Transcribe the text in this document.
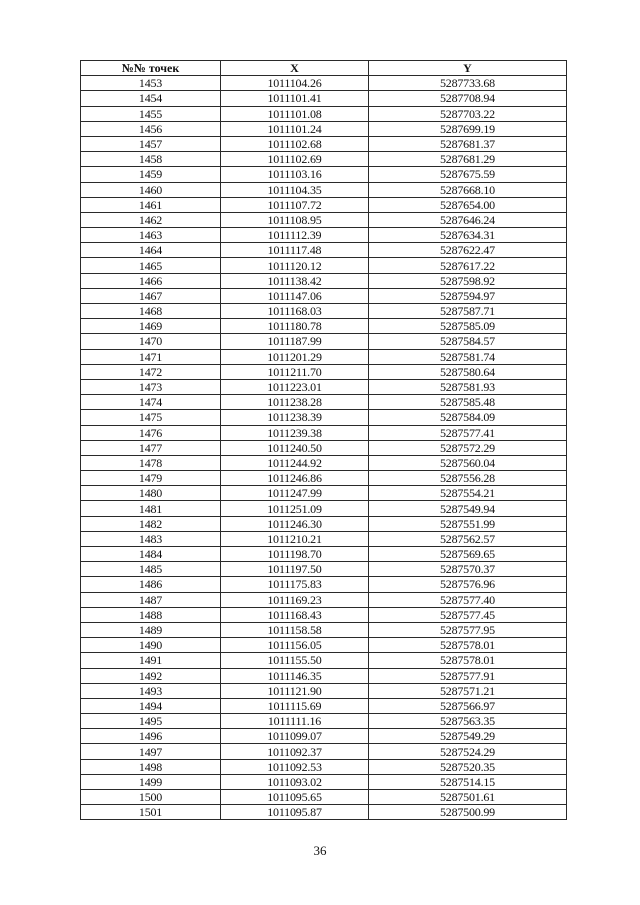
№№ точек	X	Y
1453	1011104.26	5287733.68
1454	1011101.41	5287708.94
1455	1011101.08	5287703.22
1456	1011101.24	5287699.19
1457	1011102.68	5287681.37
1458	1011102.69	5287681.29
1459	1011103.16	5287675.59
1460	1011104.35	5287668.10
1461	1011107.72	5287654.00
1462	1011108.95	5287646.24
1463	1011112.39	5287634.31
1464	1011117.48	5287622.47
1465	1011120.12	5287617.22
1466	1011138.42	5287598.92
1467	1011147.06	5287594.97
1468	1011168.03	5287587.71
1469	1011180.78	5287585.09
1470	1011187.99	5287584.57
1471	1011201.29	5287581.74
1472	1011211.70	5287580.64
1473	1011223.01	5287581.93
1474	1011238.28	5287585.48
1475	1011238.39	5287584.09
1476	1011239.38	5287577.41
1477	1011240.50	5287572.29
1478	1011244.92	5287560.04
1479	1011246.86	5287556.28
1480	1011247.99	5287554.21
1481	1011251.09	5287549.94
1482	1011246.30	5287551.99
1483	1011210.21	5287562.57
1484	1011198.70	5287569.65
1485	1011197.50	5287570.37
1486	1011175.83	5287576.96
1487	1011169.23	5287577.40
1488	1011168.43	5287577.45
1489	1011158.58	5287577.95
1490	1011156.05	5287578.01
1491	1011155.50	5287578.01
1492	1011146.35	5287577.91
1493	1011121.90	5287571.21
1494	1011115.69	5287566.97
1495	1011111.16	5287563.35
1496	1011099.07	5287549.29
1497	1011092.37	5287524.29
1498	1011092.53	5287520.35
1499	1011093.02	5287514.15
1500	1011095.65	5287501.61
1501	1011095.87	5287500.99
36
